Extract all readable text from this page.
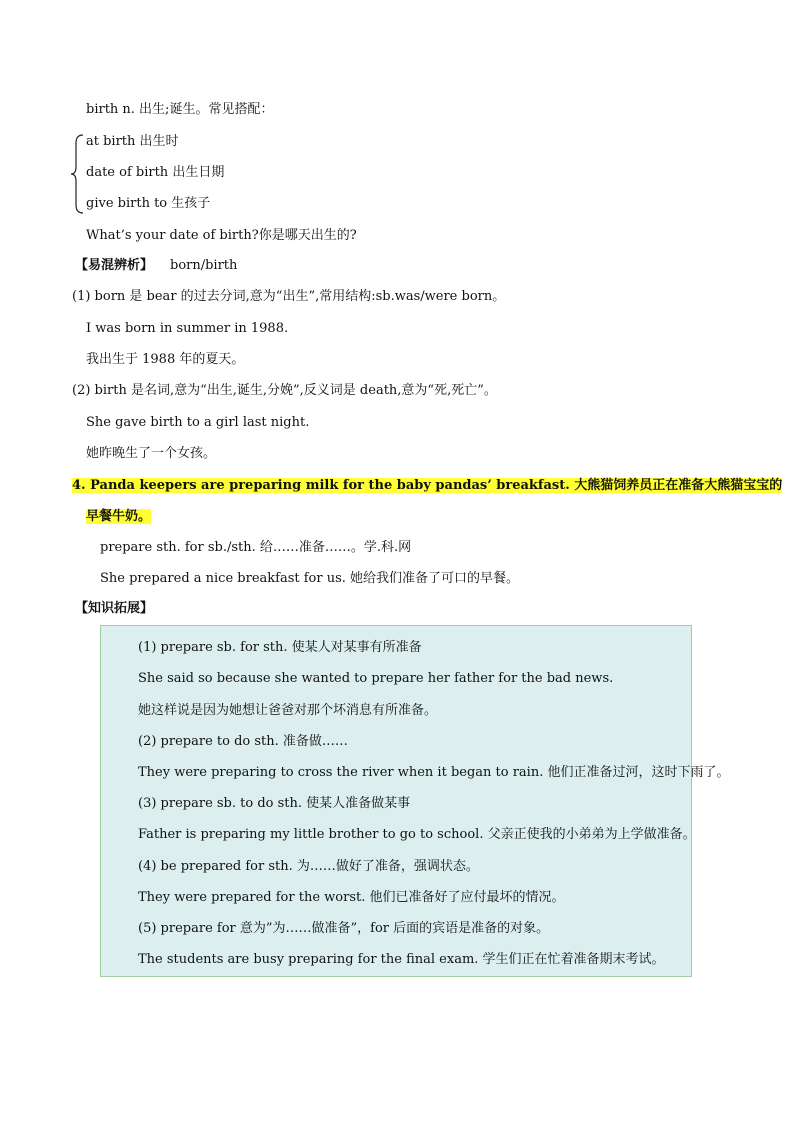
birth n. 出生;诞生。常见搭配：
at birth 出生时
date of birth 出生日期
give birth to 生孩子
What’s your date of birth?你是哪天出生的?
【易混辨析】 born/birth
(1) born 是 bear 的过去分词,意为“出生”,常用结构:sb.was/were born。
I was born in summer in 1988.
我出生于 1988 年的夏天。
(2) birth 是名词,意为“出生,诞生,分娩”,反义词是 death,意为“死,死亡”。
She gave birth to a girl last night.
她昨晚生了一个女孩。
4. Panda keepers are preparing milk for the baby pandas’ breakfast. 大熊猫饲养员正在准备大熊猫宝宝的
早餐牛奶。
prepare sth. for sb./sth. 给……准备……。学.科.网
She prepared a nice breakfast for us. 她给我们准备了可口的早餐。
【知识拓展】
(1) prepare sb. for sth. 使某人对某事有所准备
She said so because she wanted to prepare her father for the bad news.
她这样说是因为她想让爸爸对那个坏消息有所准备。
(2) prepare to do sth. 准备做……
They were preparing to cross the river when it began to rain. 他们正准备过河，这时下雨了。
(3) prepare sb. to do sth. 使某人准备做某事
Father is preparing my little brother to go to school. 父亲正使我的小弟弟为上学做准备。
(4) be prepared for sth. 为……做好了准备，强调状态。
They were prepared for the worst. 他们已准备好了应付最坏的情况。
(5) prepare for 意为”为……做准备”，for 后面的宾语是准备的对象。
The students are busy preparing for the final exam. 学生们正在忙着准备期末考试。
